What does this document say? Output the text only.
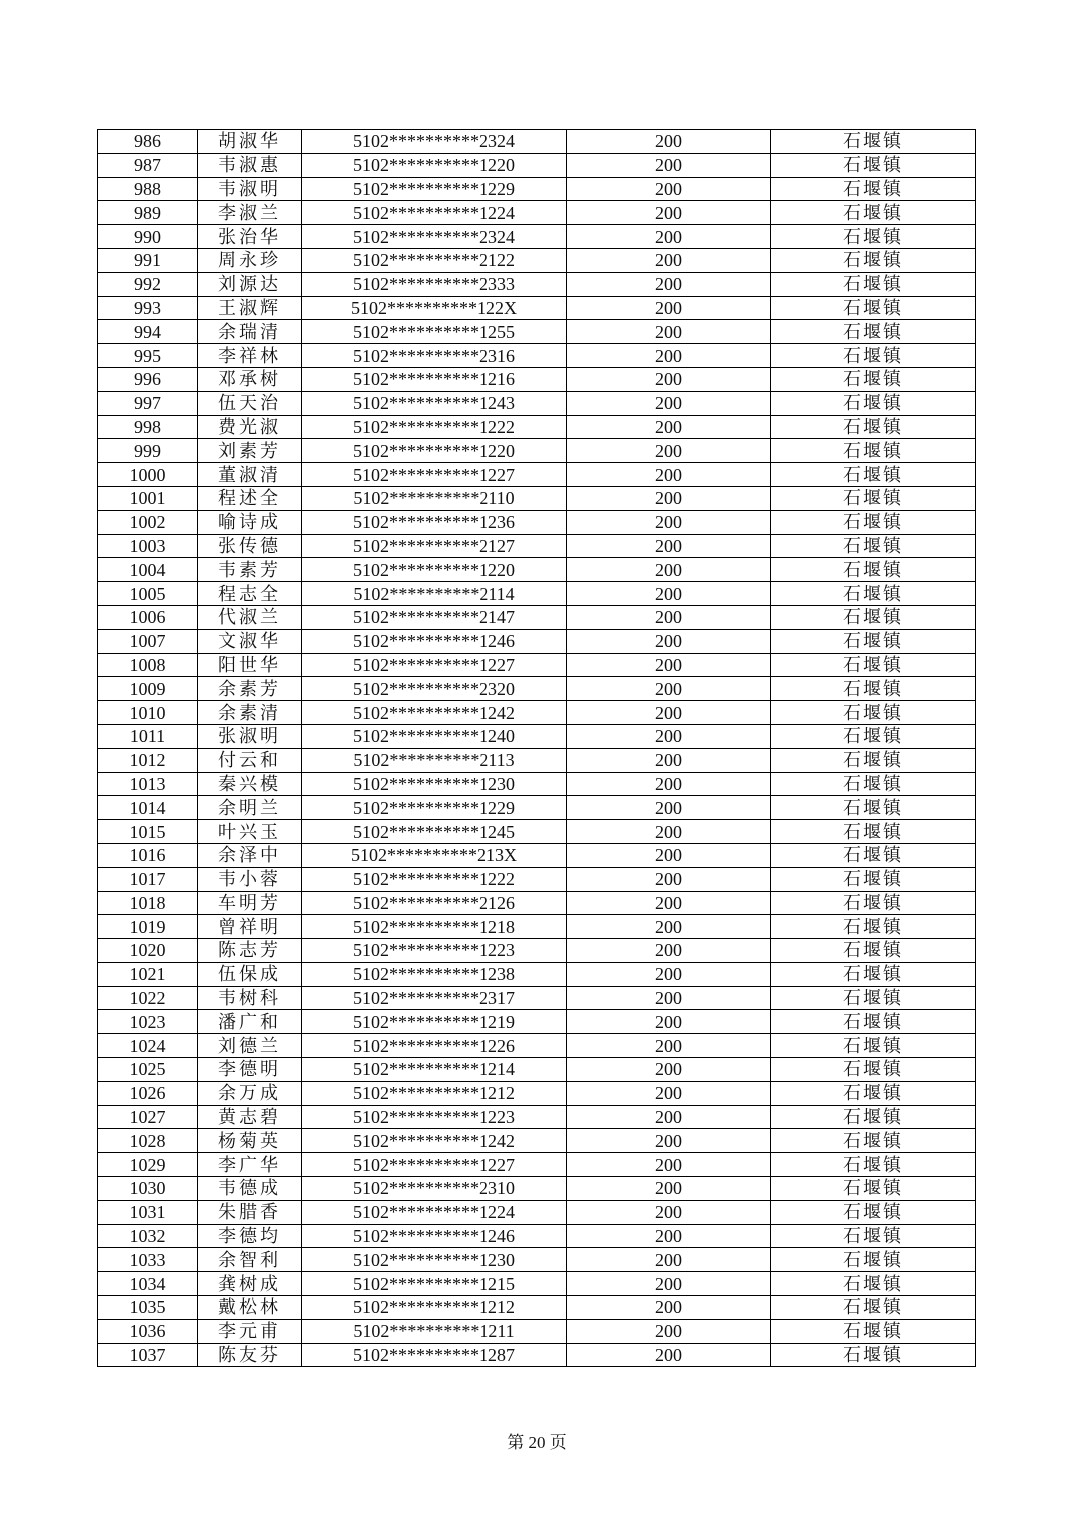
986	胡淑华	5102**********2324	200	石堰镇
987	韦淑惠	5102**********1220	200	石堰镇
988	韦淑明	5102**********1229	200	石堰镇
989	李淑兰	5102**********1224	200	石堰镇
990	张治华	5102**********2324	200	石堰镇
991	周永珍	5102**********2122	200	石堰镇
992	刘源达	5102**********2333	200	石堰镇
993	王淑辉	5102**********122X	200	石堰镇
994	余瑞清	5102**********1255	200	石堰镇
995	李祥林	5102**********2316	200	石堰镇
996	邓承树	5102**********1216	200	石堰镇
997	伍天治	5102**********1243	200	石堰镇
998	费光淑	5102**********1222	200	石堰镇
999	刘素芳	5102**********1220	200	石堰镇
1000	董淑清	5102**********1227	200	石堰镇
1001	程述全	5102**********2110	200	石堰镇
1002	喻诗成	5102**********1236	200	石堰镇
1003	张传德	5102**********2127	200	石堰镇
1004	韦素芳	5102**********1220	200	石堰镇
1005	程志全	5102**********2114	200	石堰镇
1006	代淑兰	5102**********2147	200	石堰镇
1007	文淑华	5102**********1246	200	石堰镇
1008	阳世华	5102**********1227	200	石堰镇
1009	余素芳	5102**********2320	200	石堰镇
1010	余素清	5102**********1242	200	石堰镇
1011	张淑明	5102**********1240	200	石堰镇
1012	付云和	5102**********2113	200	石堰镇
1013	秦兴模	5102**********1230	200	石堰镇
1014	余明兰	5102**********1229	200	石堰镇
1015	叶兴玉	5102**********1245	200	石堰镇
1016	余泽中	5102**********213X	200	石堰镇
1017	韦小蓉	5102**********1222	200	石堰镇
1018	车明芳	5102**********2126	200	石堰镇
1019	曾祥明	5102**********1218	200	石堰镇
1020	陈志芳	5102**********1223	200	石堰镇
1021	伍保成	5102**********1238	200	石堰镇
1022	韦树科	5102**********2317	200	石堰镇
1023	潘广和	5102**********1219	200	石堰镇
1024	刘德兰	5102**********1226	200	石堰镇
1025	李德明	5102**********1214	200	石堰镇
1026	余万成	5102**********1212	200	石堰镇
1027	黄志碧	5102**********1223	200	石堰镇
1028	杨菊英	5102**********1242	200	石堰镇
1029	李广华	5102**********1227	200	石堰镇
1030	韦德成	5102**********2310	200	石堰镇
1031	朱腊香	5102**********1224	200	石堰镇
1032	李德均	5102**********1246	200	石堰镇
1033	余智利	5102**********1230	200	石堰镇
1034	龚树成	5102**********1215	200	石堰镇
1035	戴松林	5102**********1212	200	石堰镇
1036	李元甫	5102**********1211	200	石堰镇
1037	陈友芬	5102**********1287	200	石堰镇
第 20 页
